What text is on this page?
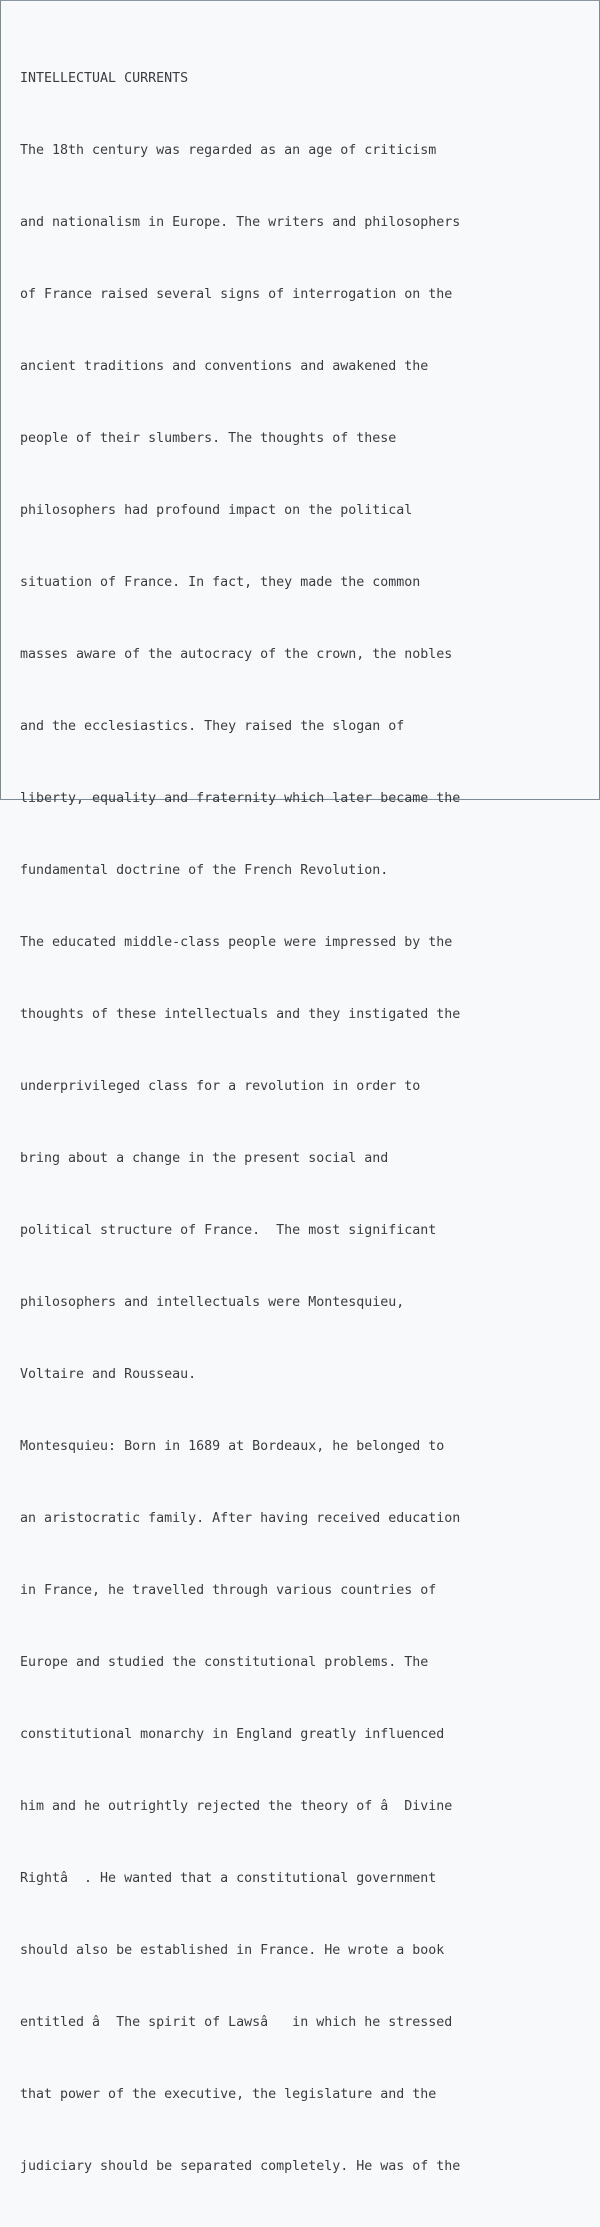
INTELLECTUAL CURRENTS

The 18th century was regarded as an age of criticism

and nationalism in Europe. The writers and philosophers

of France raised several signs of interrogation on the

ancient traditions and conventions and awakened the

people of their slumbers. The thoughts of these

philosophers had profound impact on the political

situation of France. In fact, they made the common

masses aware of the autocracy of the crown, the nobles

and the ecclesiastics. They raised the slogan of

liberty, equality and fraternity which later became the

fundamental doctrine of the French Revolution.

The educated middle-class people were impressed by the

thoughts of these intellectuals and they instigated the

underprivileged class for a revolution in order to

bring about a change in the present social and

political structure of France.  The most significant

philosophers and intellectuals were Montesquieu,

Voltaire and Rousseau.

Montesquieu: Born in 1689 at Bordeaux, he belonged to

an aristocratic family. After having received education

in France, he travelled through various countries of

Europe and studied the constitutional problems. The

constitutional monarchy in England greatly influenced

him and he outrightly rejected the theory of â  Divine

Rightâ  . He wanted that a constitutional government

should also be established in France. He wrote a book

entitled â  The spirit of Lawsâ   in which he stressed

that power of the executive, the legislature and the

judiciary should be separated completely. He was of the
